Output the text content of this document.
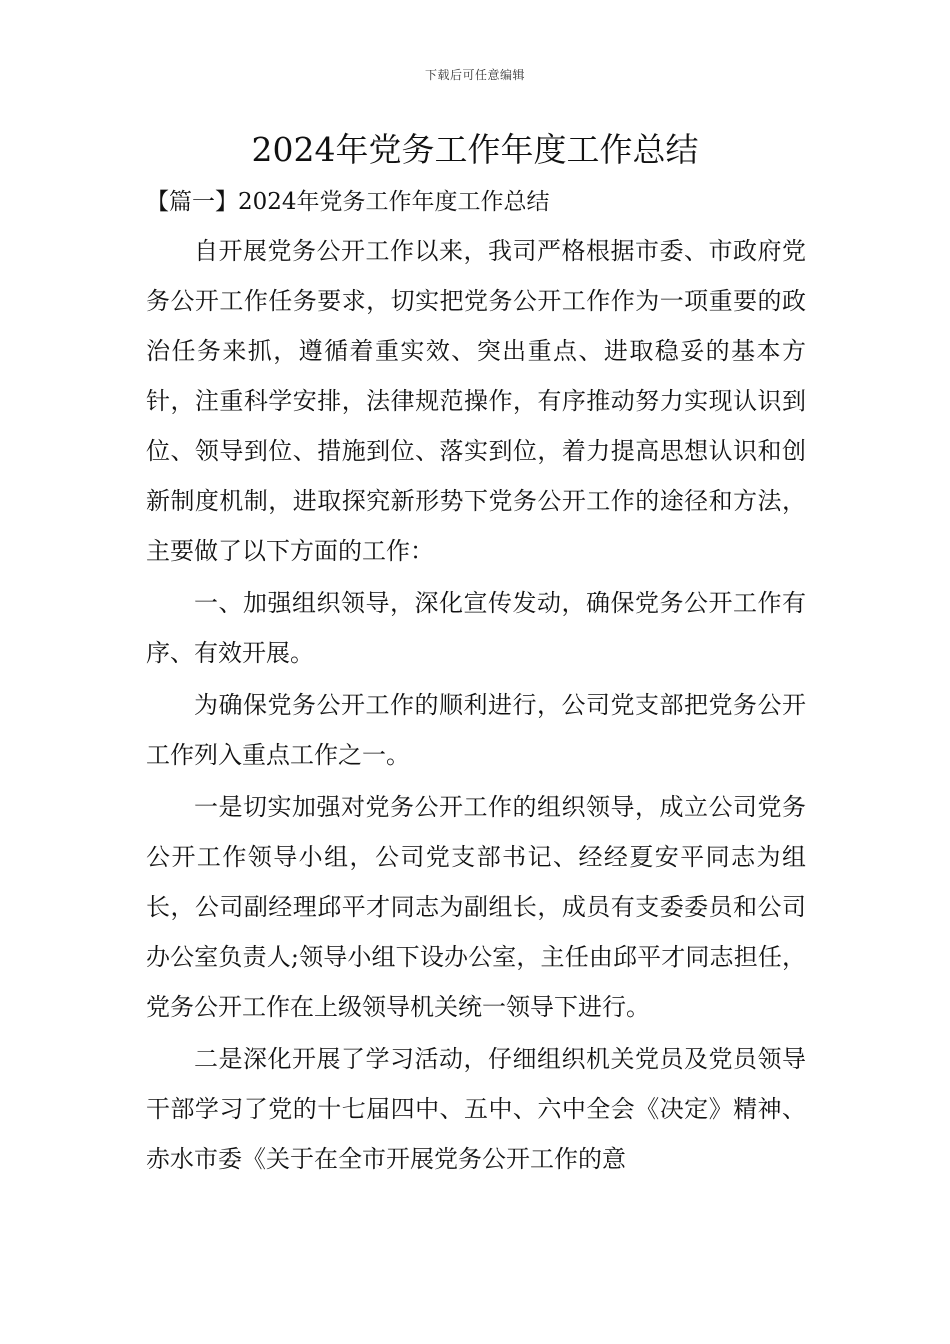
下载后可任意编辑
2024年党务工作年度工作总结
【篇一】2024年党务工作年度工作总结

自开展党务公开工作以来，我司严格根据市委、市政府党务公开工作任务要求，切实把党务公开工作作为一项重要的政治任务来抓，遵循着重实效、突出重点、进取稳妥的基本方针，注重科学安排，法律规范操作，有序推动努力实现认识到位、领导到位、措施到位、落实到位，着力提高思想认识和创新制度机制，进取探究新形势下党务公开工作的途径和方法，主要做了以下方面的工作：

一、加强组织领导，深化宣传发动，确保党务公开工作有序、有效开展。

为确保党务公开工作的顺利进行，公司党支部把党务公开工作列入重点工作之一。

一是切实加强对党务公开工作的组织领导，成立公司党务公开工作领导小组，公司党支部书记、经经夏安平同志为组长，公司副经理邱平才同志为副组长，成员有支委委员和公司办公室负责人;领导小组下设办公室，主任由邱平才同志担任，党务公开工作在上级领导机关统一领导下进行。

二是深化开展了学习活动，仔细组织机关党员及党员领导干部学习了党的十七届四中、五中、六中全会《决定》精神、赤水市委《关于在全市开展党务公开工作的意
